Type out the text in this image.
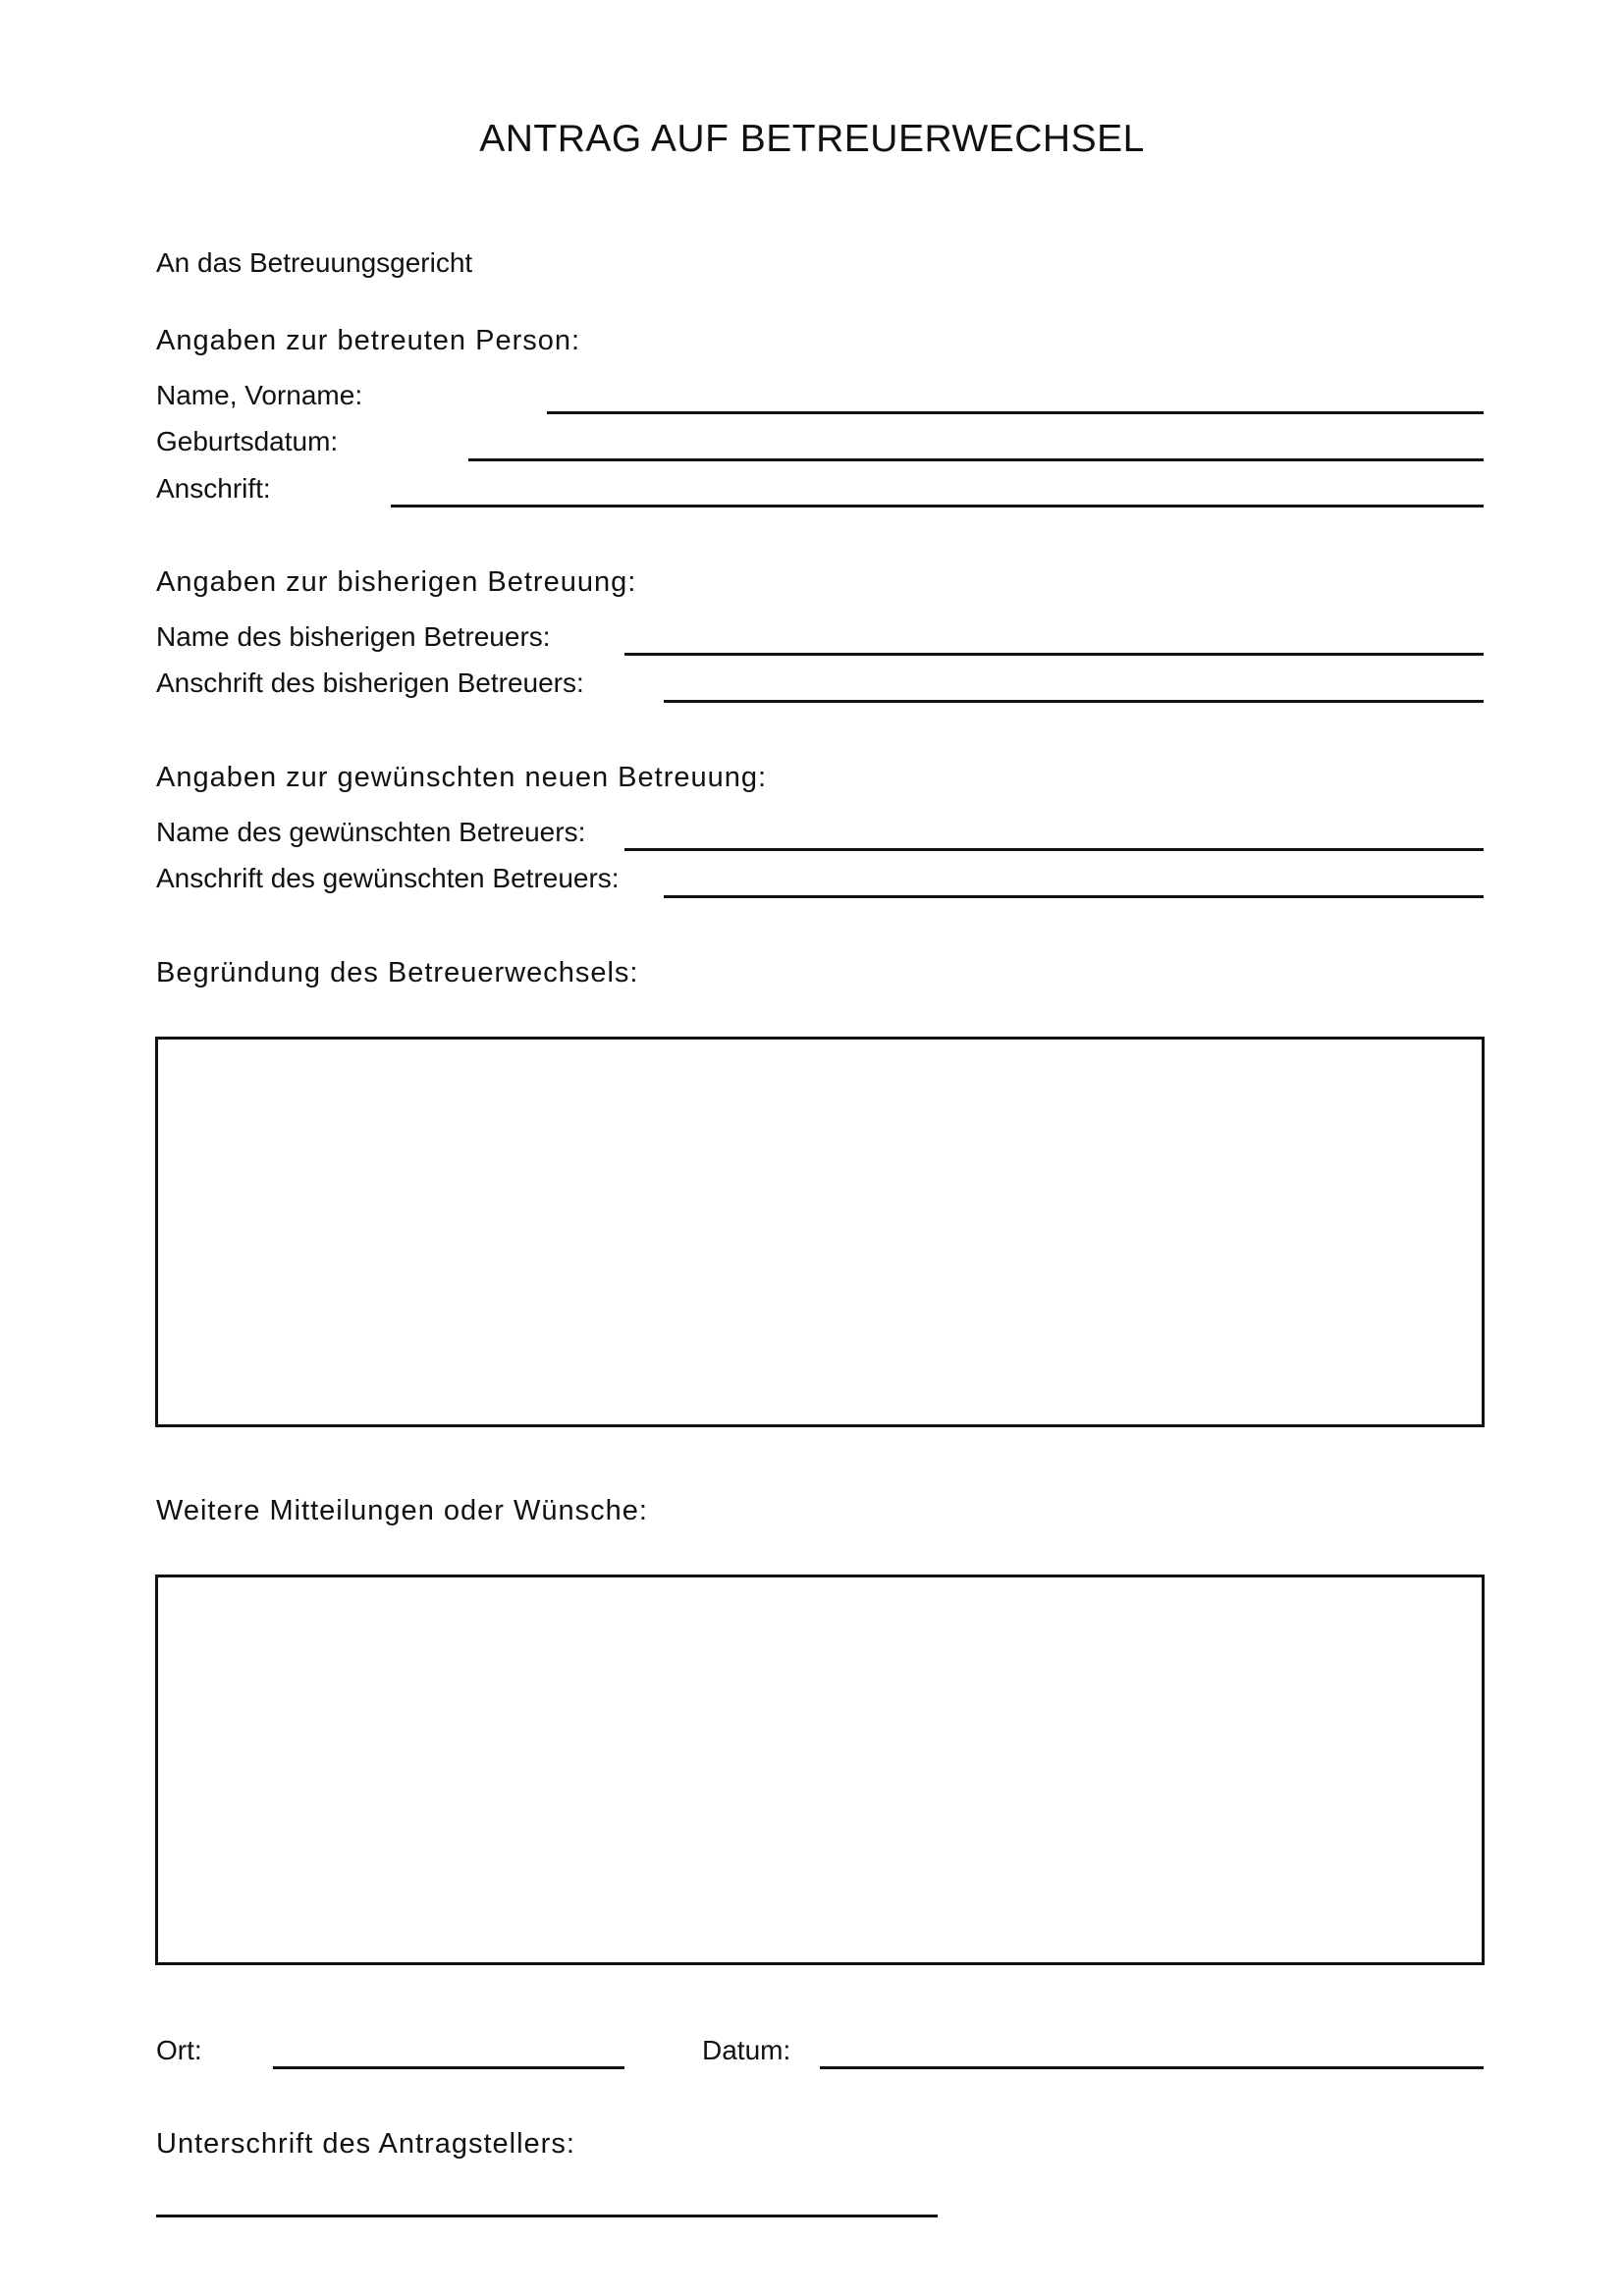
ANTRAG AUF BETREUERWECHSEL
An das Betreuungsgericht
Angaben zur betreuten Person:
Name, Vorname:
Geburtsdatum:
Anschrift:
Angaben zur bisherigen Betreuung:
Name des bisherigen Betreuers:
Anschrift des bisherigen Betreuers:
Angaben zur gewünschten neuen Betreuung:
Name des gewünschten Betreuers:
Anschrift des gewünschten Betreuers:
Begründung des Betreuerwechsels:
Weitere Mitteilungen oder Wünsche:
Ort:	Datum:
Unterschrift des Antragstellers:
